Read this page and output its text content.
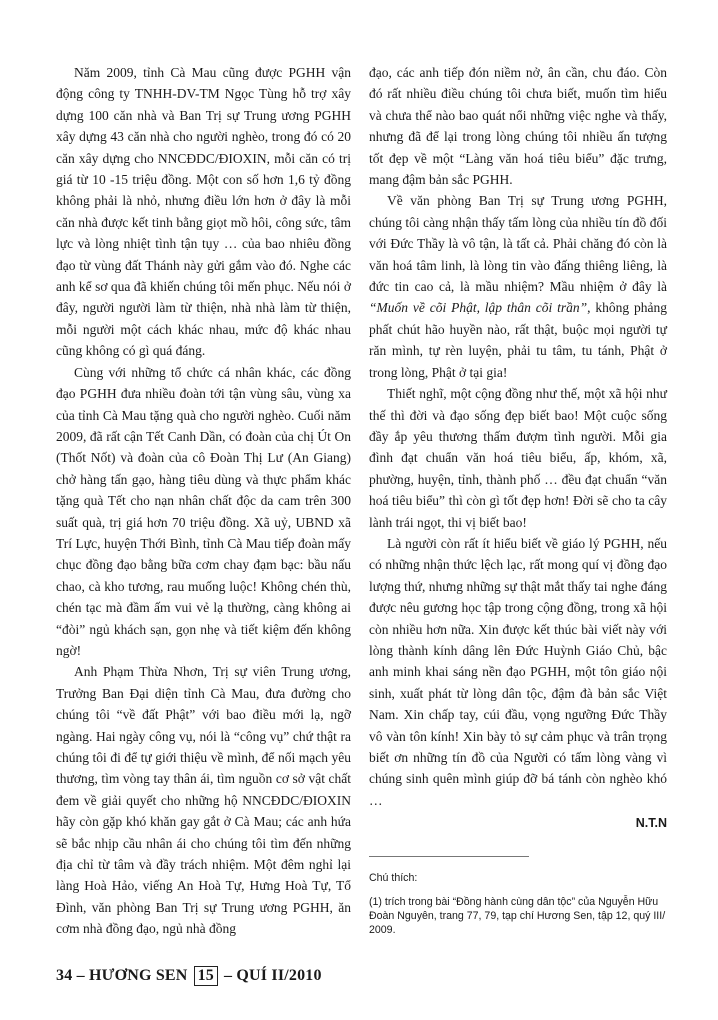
Năm 2009, tỉnh Cà Mau cũng được PGHH vận động công ty TNHH-DV-TM Ngọc Tùng hỗ trợ xây dựng 100 căn nhà và Ban Trị sự Trung ương PGHH xây dựng 43 căn nhà cho người nghèo, trong đó có 20 căn xây dựng cho NNCĐDC/ĐIOXIN, mỗi căn có trị giá từ 10 -15 triệu đồng. Một con số hơn 1,6 tỷ đồng không phải là nhỏ, nhưng điều lớn hơn ở đây là mỗi căn nhà được kết tinh bằng giọt mồ hôi, công sức, tâm lực và lòng nhiệt tình tận tụy … của bao nhiêu đồng đạo từ vùng đất Thánh này gửi gắm vào đó. Nghe các anh kể sơ qua đã khiến chúng tôi mến phục. Nếu nói ở đây, người người làm từ thiện, nhà nhà làm từ thiện, mỗi người một cách khác nhau, mức độ khác nhau cũng không có gì quá đáng.

Cùng với những tổ chức cá nhân khác, các đồng đạo PGHH đưa nhiều đoàn tới tận vùng sâu, vùng xa của tỉnh Cà Mau tặng quà cho người nghèo. Cuối năm 2009, đã rất cận Tết Canh Dần, có đoàn của chị Út On (Thốt Nốt) và đoàn của cô Đoàn Thị Lư (An Giang) chở hàng tấn gạo, hàng tiêu dùng và thực phẩm khác tặng quà Tết cho nạn nhân chất độc da cam trên 300 suất quà, trị giá hơn 70 triệu đồng. Xã uỷ, UBND xã Trí Lực, huyện Thới Bình, tỉnh Cà Mau tiếp đoàn mấy chục đồng đạo bằng bữa cơm chay đạm bạc: bầu nấu chao, cà kho tương, rau muống luộc! Không chén thù, chén tạc mà đầm ấm vui vẻ lạ thường, càng không ai “đòi” ngủ khách sạn, gọn nhẹ và tiết kiệm đến không ngờ!

Anh Phạm Thừa Nhơn, Trị sự viên Trung ương, Trưởng Ban Đại diện tỉnh Cà Mau, đưa đường cho chúng tôi “về đất Phật” với bao điều mới lạ, ngỡ ngàng. Hai ngày công vụ, nói là “công vụ” chứ thật ra chúng tôi đi để tự giới thiệu về mình, để nối mạch yêu thương, tìm vòng tay thân ái, tìm nguồn cơ sở vật chất đem về giải quyết cho những hộ NNCĐDC/ĐIOXIN hãy còn gặp khó khăn gay gắt ở Cà Mau; các anh hứa sẽ bắc nhịp cầu nhân ái cho chúng tôi tìm đến những địa chỉ từ tâm và đầy trách nhiệm. Một đêm nghỉ lại làng Hoà Hảo, viếng An Hoà Tự, Hưng Hoà Tự, Tổ Đình, văn phòng Ban Trị sự Trung ương PGHH, ăn cơm nhà đồng đạo, ngủ nhà đồng

đạo, các anh tiếp đón niềm nở, ân cần, chu đáo. Còn đó rất nhiều điều chúng tôi chưa biết, muốn tìm hiểu và chưa thể nào bao quát nổi những việc nghe và thấy, nhưng đã để lại trong lòng chúng tôi nhiều ấn tượng tốt đẹp về một “Làng văn hoá tiêu biểu” đặc trưng, mang đậm bản sắc PGHH.

Về văn phòng Ban Trị sự Trung ương PGHH, chúng tôi càng nhận thấy tấm lòng của nhiều tín đồ đối với Đức Thầy là vô tận, là tất cả. Phải chăng đó còn là văn hoá tâm linh, là lòng tin vào đấng thiêng liêng, là đức tin cao cả, là mầu nhiệm? Mầu nhiệm ở đây là “Muốn về cõi Phật, lập thân cõi trần”, không phảng phất chút hão huyền nào, rất thật, buộc mọi người tự răn mình, tự rèn luyện, phải tu tâm, tu tánh, Phật ở trong lòng, Phật ở tại gia!

Thiết nghĩ, một cộng đồng như thế, một xã hội như thế thì đời và đạo sống đẹp biết bao! Một cuộc sống đầy ắp yêu thương thấm đượm tình người. Mỗi gia đình đạt chuẩn văn hoá tiêu biểu, ấp, khóm, xã, phường, huyện, tỉnh, thành phố … đều đạt chuẩn “văn hoá tiêu biểu” thì còn gì tốt đẹp hơn! Đời sẽ cho ta cây lành trái ngọt, thi vị biết bao!

Là người còn rất ít hiểu biết về giáo lý PGHH, nếu có những nhận thức lệch lạc, rất mong quí vị đồng đạo lượng thứ, nhưng những sự thật mắt thấy tai nghe đáng được nêu gương học tập trong cộng đồng, trong xã hội còn nhiều hơn nữa. Xin được kết thúc bài viết này với lòng thành kính dâng lên Đức Huỳnh Giáo Chủ, bậc anh minh khai sáng nền đạo PGHH, một tôn giáo nội sinh, xuất phát từ lòng dân tộc, đậm đà bản sắc Việt Nam. Xin chấp tay, cúi đầu, vọng ngưỡng Đức Thầy vô vàn tôn kính! Xin bày tỏ sự cảm phục và trân trọng biết ơn những tín đồ của Người có tấm lòng vàng vì chúng sinh quên mình giúp đỡ bá tánh còn nghèo khó …

N.T.N
Chú thích:
(1) trích trong bài “Đồng hành cùng dân tộc” của Nguyễn Hữu Đoàn Nguyên, trang 77, 79, tạp chí Hương Sen, tập 12, quý III/ 2009.
34 – HƯƠNG SEN 15 – QUÍ II/2010
